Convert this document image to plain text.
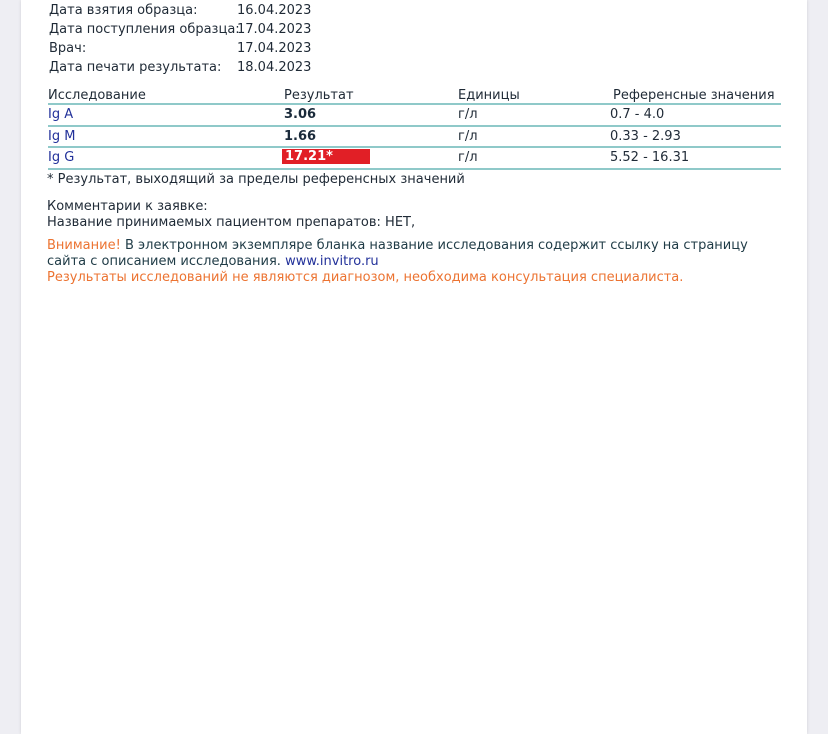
Дата взятия образца:	16.04.2023
Дата поступления образца:17.04.2023
Врач:	17.04.2023
Дата печати результата: 18.04.2023
Исследование	Результат	Единицы	Референсные значения
Ig A	3.06	г/л	0.7 - 4.0
Ig M	1.66	г/л	0.33 - 2.93
Ig G	17.21*	г/л	5.52 - 16.31
* Результат, выходящий за пределы референсных значений
Комментарии к заявке:
Название принимаемых пациентом препаратов: НЕТ,
Внимание! В электронном экземпляре бланка название исследования содержит ссылку на страницу сайта с описанием исследования. www.invitro.ru
Результаты исследований не являются диагнозом, необходима консультация специалиста.
